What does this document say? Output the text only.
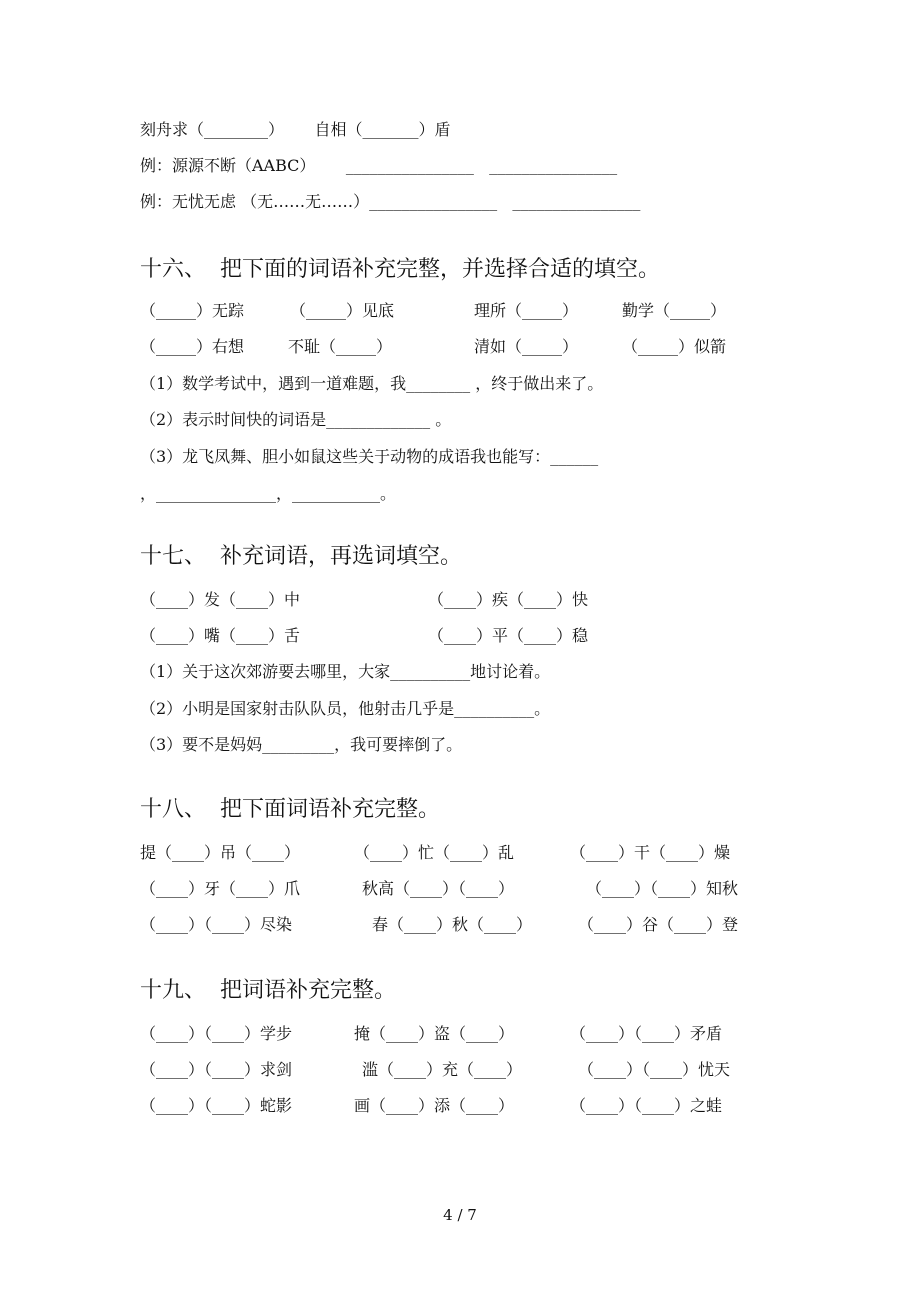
刻舟求（________）      自相（_______）盾
例：源源不断（AABC）      ________________   ________________
例：无忧无虑 （无……无……）________________   ________________
十六、  把下面的词语补充完整，并选择合适的填空。
（_____）无踪	（_____）见底	理所（_____）	勤学（_____）
（_____）右想	不耻（_____）	清如（_____）	（_____）似箭
（1）数学考试中，遇到一道难题，我________ ，终于做出来了。
（2）表示时间快的词语是_____________ 。
（3）龙飞凤舞、胆小如鼠这些关于动物的成语我也能写：______
，_______________，___________。
十七、  补充词语，再选词填空。
（____）发（____）中	（____）疾（____）快
（____）嘴（____）舌	（____）平（____）稳
（1）关于这次郊游要去哪里，大家__________地讨论着。
（2）小明是国家射击队队员，他射击几乎是__________。
（3）要不是妈妈_________，我可要摔倒了。
十八、  把下面词语补充完整。
提（____）吊（____）	（____）忙（____）乱	（____）干（____）燥
（____）牙（____）爪	秋高（____）（____）	（____）（____）知秋
（____）（____）尽染	春（____）秋（____）	（____）谷（____）登
十九、  把词语补充完整。
（____）（____）学步	掩（____）盗（____）	（____）（____）矛盾
（____）（____）求剑	滥（____）充（____）	（____）（____）忧天
（____）（____）蛇影	画（____）添（____）	（____）（____）之蛙
4 / 7
